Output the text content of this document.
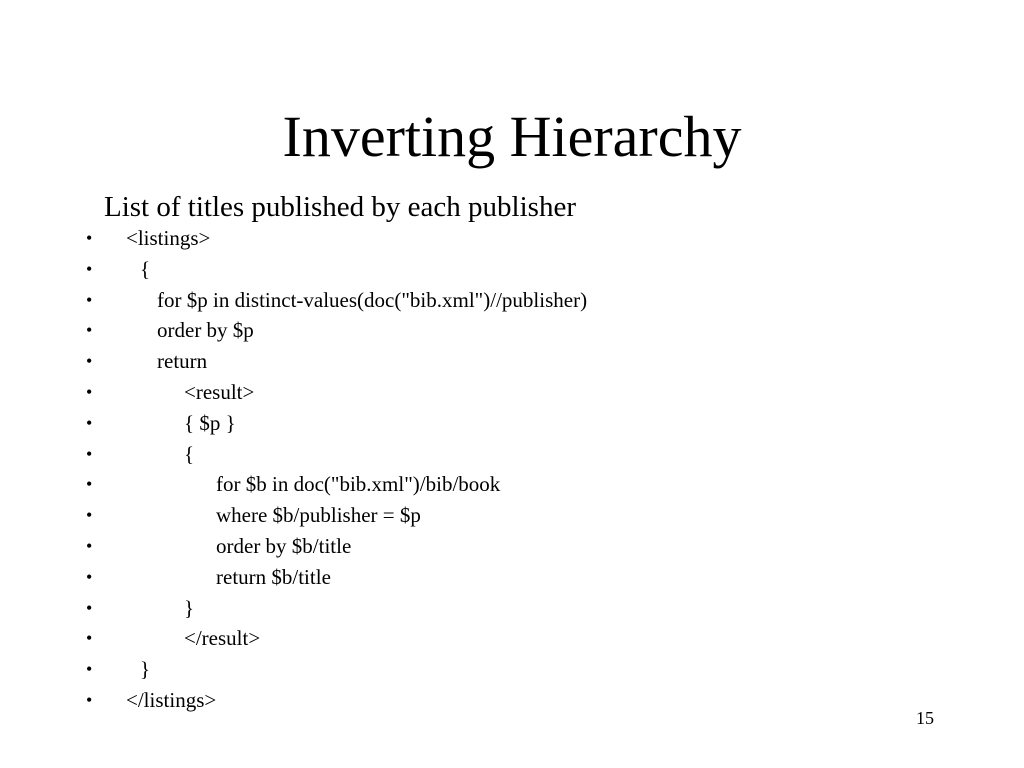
Inverting Hierarchy
List of titles published by each publisher
• <listings>
• {
•	for $p in distinct-values(doc("bib.xml")//publisher)
•	order by $p
•	return
•	<result>
•	{ $p }
•	{
•	for $b in doc("bib.xml")/bib/book
•	where $b/publisher = $p
•	order by $b/title
•	return $b/title
•	}
•	</result>
• }
• </listings>
15
